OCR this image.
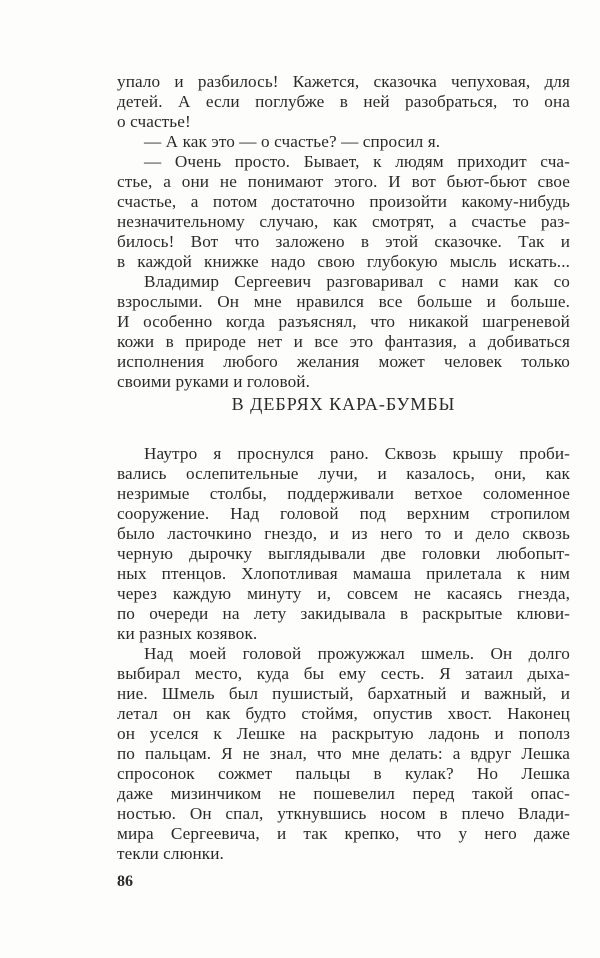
упало и разбилось! Кажется, сказочка чепуховая, для
детей. А если поглубже в ней разобраться, то она
о счастье!
— А как это — о счастье? — спросил я.
— Очень просто. Бывает, к людям приходит сча-
стье, а они не понимают этого. И вот бьют-бьют свое
счастье, а потом достаточно произойти какому-нибудь
незначительному случаю, как смотрят, а счастье раз-
билось! Вот что заложено в этой сказочке. Так и
в каждой книжке надо свою глубокую мысль искать...
Владимир Сергеевич разговаривал с нами как со
взрослыми. Он мне нравился все больше и больше.
И особенно когда разъяснял, что никакой шагреневой
кожи в природе нет и все это фантазия, а добиваться
исполнения любого желания может человек только
своими руками и головой.
В ДЕБРЯХ КАРА-БУМБЫ
Наутро я проснулся рано. Сквозь крышу проби-
вались ослепительные лучи, и казалось, они, как
незримые столбы, поддерживали ветхое соломенное
сооружение. Над головой под верхним стропилом
было ласточкино гнездо, и из него то и дело сквозь
черную дырочку выглядывали две головки любопыт-
ных птенцов. Хлопотливая мамаша прилетала к ним
через каждую минуту и, совсем не касаясь гнезда,
по очереди на лету закидывала в раскрытые клюви-
ки разных козявок.
Над моей головой прожужжал шмель. Он долго
выбирал место, куда бы ему сесть. Я затаил дыха-
ние. Шмель был пушистый, бархатный и важный, и
летал он как будто стоймя, опустив хвост. Наконец
он уселся к Лешке на раскрытую ладонь и пополз
по пальцам. Я не знал, что мне делать: а вдруг Лешка
спросонок сожмет пальцы в кулак? Но Лешка
даже мизинчиком не пошевелил перед такой опас-
ностью. Он спал, уткнувшись носом в плечо Влади-
мира Сергеевича, и так крепко, что у него даже
текли слюнки.
86
